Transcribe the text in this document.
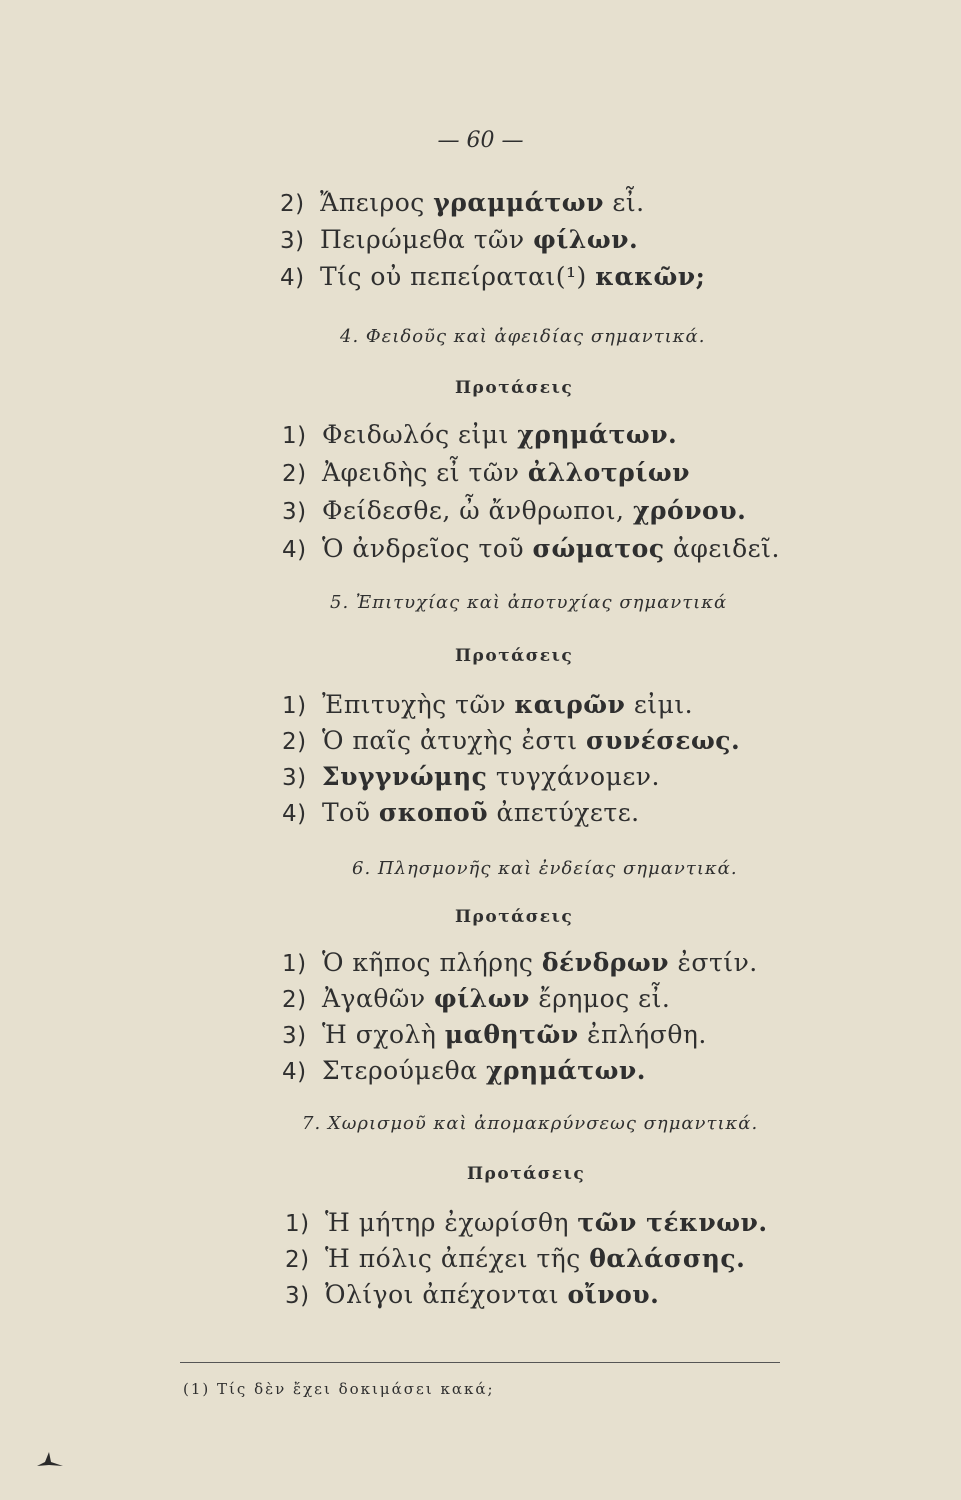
— 60 —

2) Ἄπειρος γραμμάτων εἶ.

3) Πειρώμεθα τῶν φίλων.

4) Τίς οὐ πεπείραται(¹) κακῶν;

4. Φειδοῦς καὶ ἀφειδίας σημαντικά.
Προτάσεις

1) Φειδωλός εἰμι χρημάτων.

2) Ἀφειδὴς εἶ τῶν ἀλλοτρίων

3) Φείδεσθε, ὦ ἄνθρωποι, χρόνου.

4) Ὁ ἀνδρεῖος τοῦ σώματος ἀφειδεῖ.

5. Ἐπιτυχίας καὶ ἀποτυχίας σημαντικά
Προτάσεις

1) Ἐπιτυχὴς τῶν καιρῶν εἰμι.

2) Ὁ παῖς ἀτυχὴς ἐστι συνέσεως.

3) Συγγνώμης τυγχάνομεν.

4) Τοῦ σκοποῦ ἀπετύχετε.

6. Πλησμονῆς καὶ ἐνδείας σημαντικά.
Προτάσεις

1) Ὁ κῆπος πλήρης δένδρων ἐστίν.

2) Ἀγαθῶν φίλων ἔρημος εἶ.

3) Ἡ σχολὴ μαθητῶν ἐπλήσθη.

4) Στερούμεθα χρημάτων.

7. Χωρισμοῦ καὶ ἀπομακρύνσεως σημαντικά.
Προτάσεις

1) Ἡ μήτηρ ἐχωρίσθη τῶν τέκνων.

2) Ἡ πόλις ἀπέχει τῆς θαλάσσης.

3) Ὀλίγοι ἀπέχονται οἴνου.

(1) Τίς δὲν ἔχει δοκιμάσει κακά;
